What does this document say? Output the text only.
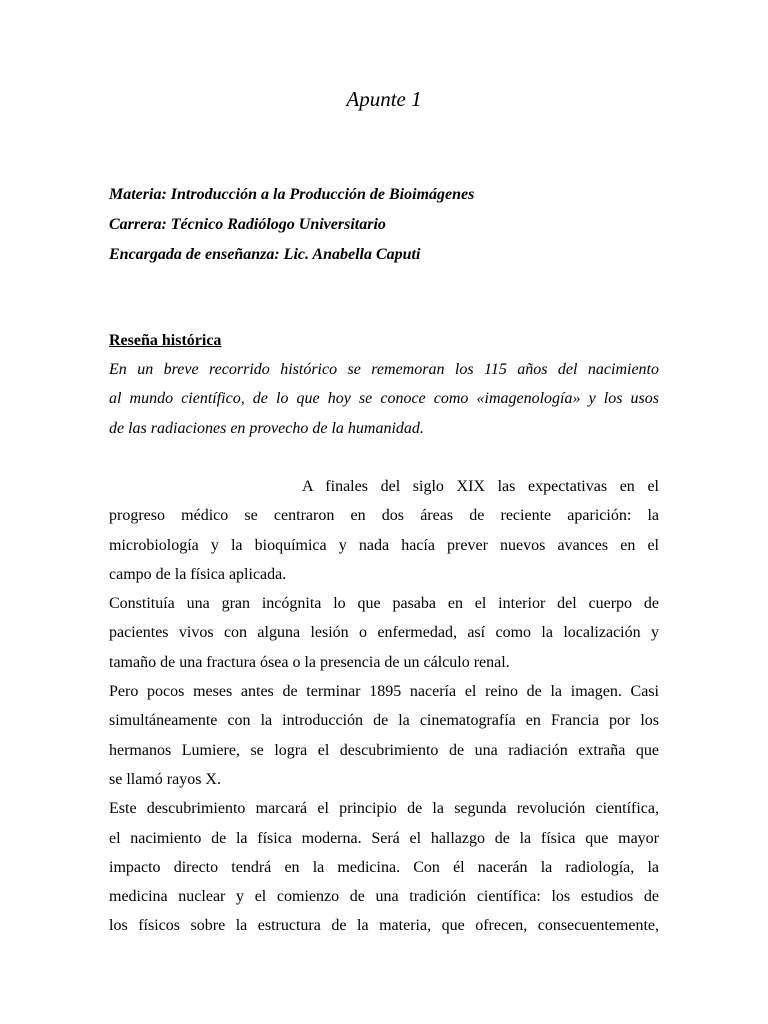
Apunte 1
Materia: Introducción a la Producción de Bioimágenes
Carrera: Técnico Radiólogo Universitario
Encargada de enseñanza: Lic. Anabella Caputi
Reseña histórica
En un breve recorrido histórico se rememoran los 115 años del nacimiento
al mundo científico, de lo que hoy se conoce como «imagenología» y los usos
de las radiaciones en provecho de la humanidad.
A finales del siglo XIX las expectativas en el
progreso médico se centraron en dos áreas de reciente aparición: la
microbiología y la bioquímica y nada hacía prever nuevos avances en el
campo de la física aplicada.
Constituía una gran incógnita lo que pasaba en el interior del cuerpo de
pacientes vivos con alguna lesión o enfermedad, así como la localización y
tamaño de una fractura ósea o la presencia de un cálculo renal.
Pero pocos meses antes de terminar 1895 nacería el reino de la imagen. Casi
simultáneamente con la introducción de la cinematografía en Francia por los
hermanos Lumiere, se logra el descubrimiento de una radiación extraña que
se llamó rayos X.
Este descubrimiento marcará el principio de la segunda revolución científica,
el nacimiento de la física moderna. Será el hallazgo de la física que mayor
impacto directo tendrá en la medicina. Con él nacerán la radiología, la
medicina nuclear y el comienzo de una tradición científica: los estudios de
los físicos sobre la estructura de la materia, que ofrecen, consecuentemente,
